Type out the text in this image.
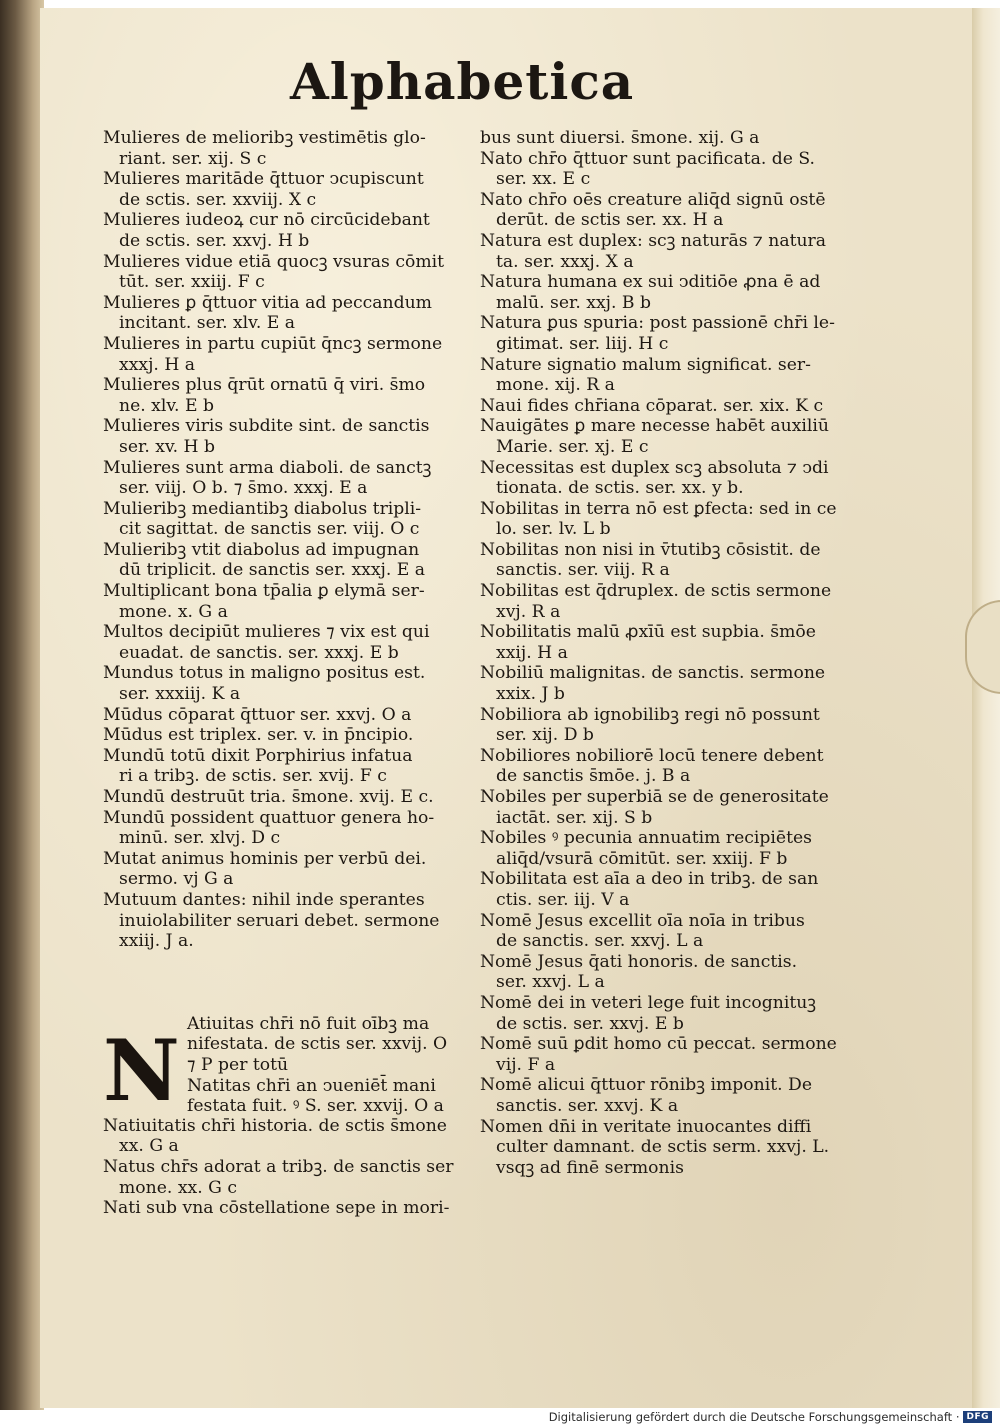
Alphabetica
Mulieres de melioribꝫ vestimētis glo-
riant̄. ser. xij. S c
Mulieres maritāde q̄ttuor ↄcupiscunt
de sctis. ser. xxviij. X c
Mulieres iudeoꝝ cur nō circūcidebant̄
de sctis. ser. xxvj. H b
Mulieres vidue etiā quocꝫ vsuras cōmit
tūt. ser. xxiij. F c
Mulieres ꝑ q̄ttuor vitia ad peccandum
incitant̄. ser. xlv. E a
Mulieres in partu cupiūt q̄ncꝫ sermone
xxxj. H a
Mulieres plus q̄rūt ornatū q̄ viri. s̄mo
ne. xlv. E b
Mulieres viris subdite sint. de sanctis
ser. xv. H b
Mulieres sunt arma diaboli. de sanctꝫ
ser. viij. O b. ⁊ s̄mo. xxxj. E a
Mulieribꝫ mediantibꝫ diabolus tripli-
cit̄ sagittat. de sanctis ser. viij. O c
Mulieribꝫ vtit̄ diabolus ad impugnan
dū triplicit̄. de sanctis ser. xxxj. E a
Multiplicant̄ bona tp̄alia ꝑ elymā ser-
mone. x. G a
Multos decipiūt mulieres ⁊ vix est qui
euadat. de sanctis. ser. xxxj. E b
Mundus totus in maligno positus est.
ser. xxxiij. K a
Mūdus cōparat̄ q̄ttuor ser. xxvj. O a
Mūdus est triplex. ser. v. in p̄ncipio.
Mundū totū dixit Porphirius infatua
ri a tribꝫ. de sctis. ser. xvij. F c
Mundū destruūt tria. s̄mone. xvij. E c.
Mundū possident quattuor genera ho-
minū. ser. xlvj. D c
Mutat̄ animus hominis per verbū dei.
sermo. vj G a
Mutuum dantes: nihil inde sperantes
inuiolabiliter seruari debet. sermone
xxiij. J a.
N Atiuitas chr̄i nō fuit oībꝫ ma
nifestata. de sctis ser. xxvij. O
⁊ P per totū
Natitas chr̄i an ↄueniēt̄ mani
festata fuit. ꝰ S. ser. xxvij. O a
Natiuitatis chr̄i historia. de sctis s̄mone
xx. G a
Natus chr̄s adorat̄ a tribꝫ. de sanctis ser
mone. xx. G c
Nati sub vna cōstellatione sepe in mori-
bus sunt diuersi. s̄mone. xij. G a
Nato chr̄o q̄ttuor sunt pacificata. de S.
ser. xx. E c
Nato chr̄o oēs creature aliq̄d signū ostē
derūt. de sctis ser. xx. H a
Natura est duplex: scꝫ naturās ⁊ natura
ta. ser. xxxj. X a
Natura humana ex sui ↄditiōe ꝓna ē ad
malū. ser. xxj. B b
Natura ꝑus spuria: post passionē chr̄i le-
gitimat̄. ser. liij. H c
Nature signatio malum significat. ser-
mone. xij. R a
Naui fides chr̄iana cōparat̄. ser. xix. K c
Nauigātes ꝑ mare necesse habēt auxiliū
Marie. ser. xj. E c
Necessitas est duplex scꝫ absoluta ⁊ ↄdi
tionata. de sctis. ser. xx. y b.
Nobilitas in terra nō est ꝑfecta: sed in ce
lo. ser. lv. L b
Nobilitas non nisi in v̄tutibꝫ cōsistit. de
sanctis. ser. viij. R a
Nobilitas est q̄druplex. de sctis sermone
xvj. R a
Nobilitatis malū ꝓxīū est supbia. s̄mōe
xxij. H a
Nobiliū malignitas. de sanctis. sermone
xxix. J b
Nobiliora ab ignobilibꝫ regi nō possunt
ser. xij. D b
Nobiliores nobiliorē locū tenere debent
de sanctis s̄mōe. j. B a
Nobiles per superbiā se de generositate
iactāt. ser. xij. S b
Nobiles ꝰ pecunia annuatim recipiētes
aliq̄d/vsurā cōmitūt. ser. xxiij. F b
Nobilitata est aīa a deo in tribꝫ. de san
ctis. ser. iij. V a
Nomē Jesus excellit oīa noīa in tribus
de sanctis. ser. xxvj. L a
Nomē Jesus q̄ati honoris. de sanctis.
ser. xxvj. L a
Nomē dei in veteri lege fuit incognituꝫ
de sctis. ser. xxvj. E b
Nomē suū ꝑdit homo cū peccat. sermone
vij. F a
Nomē alicui q̄ttuor rōnibꝫ imponit̄. De
sanctis. ser. xxvj. K a
Nomen dn̄i in veritate inuocantes diffi
culter damnant̄. de sctis serm. xxvj. L.
vsqꝫ ad finē sermonis
Digitalisierung gefördert durch die Deutsche Forschungsgemeinschaft · DFG
